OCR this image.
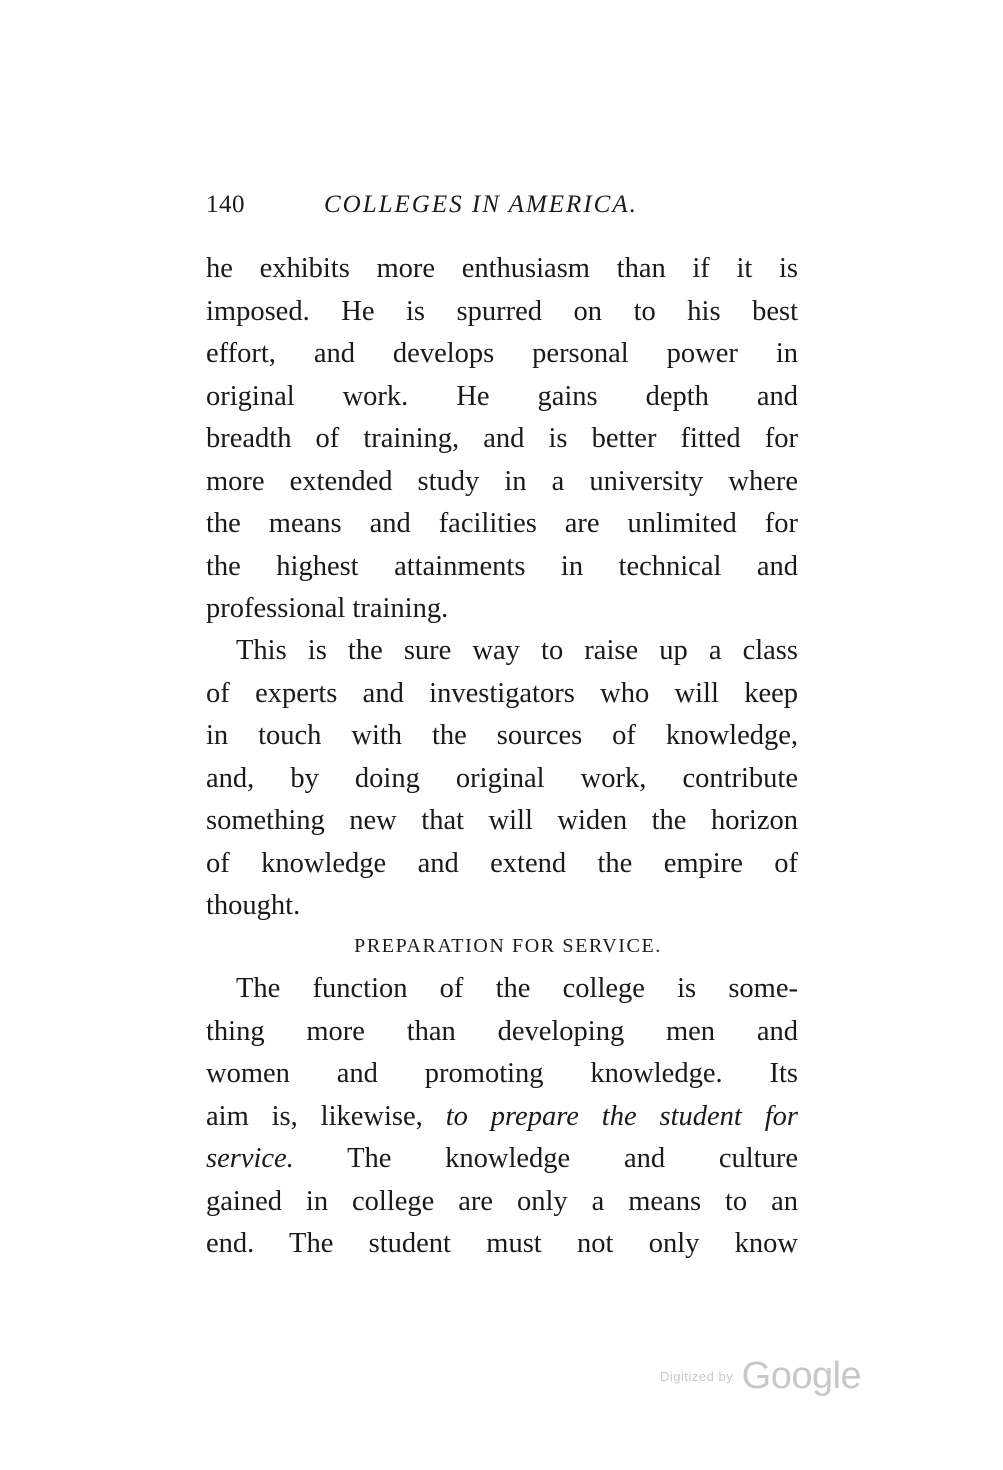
140	COLLEGES IN AMERICA.
he exhibits more enthusiasm than if it is
imposed. He is spurred on to his best
effort, and develops personal power in
original work. He gains depth and
breadth of training, and is better fitted for
more extended study in a university where
the means and facilities are unlimited for
the highest attainments in technical and
professional training.
This is the sure way to raise up a class
of experts and investigators who will keep
in touch with the sources of knowledge,
and, by doing original work, contribute
something new that will widen the horizon
of knowledge and extend the empire of
thought.
PREPARATION FOR SERVICE.
The function of the college is some-
thing more than developing men and
women and promoting knowledge. Its
aim is, likewise, to prepare the student for
service. The knowledge and culture
gained in college are only a means to an
end. The student must not only know
Digitized by Google
